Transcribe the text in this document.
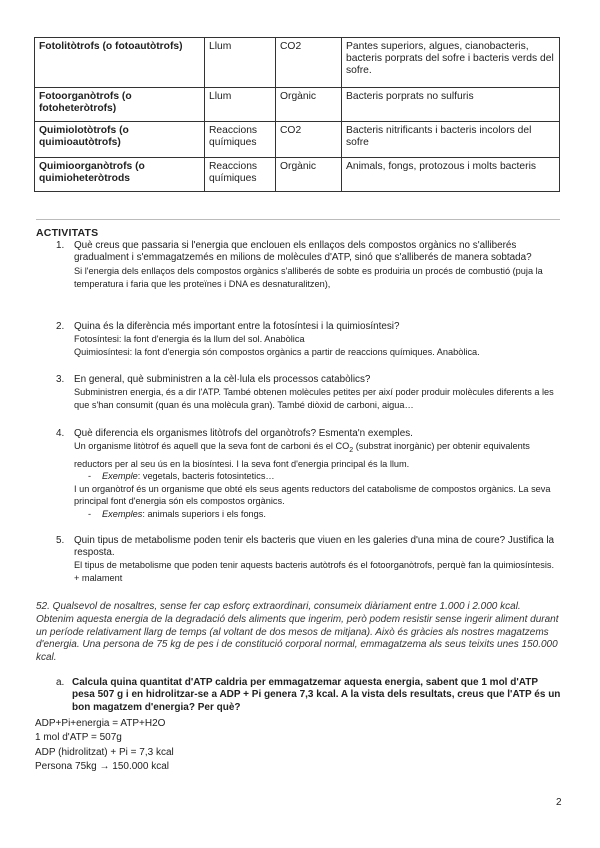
Fotolitòtrofs (o fotoautòtrofs)	Llum	CO2	Pantes superiors, algues, cianobacteris, bacteris porprats del sofre i bacteris verds del sofre.
Fotoorganòtrofs (o fotoheteròtrofs)	Llum	Orgànic	Bacteris porprats no sulfuris
Quimiolotòtrofs (o quimioautòtrofs)	Reaccions químiques	CO2	Bacteris nitrificants i bacteris incolors del sofre
Quimioorganòtrofs (o quimioheteròtrods	Reaccions químiques	Orgànic	Animals, fongs, protozous i molts bacteris
ACTIVITATS
1. Què creus que passaria si l'energia que enclouen els enllaços dels compostos orgànics no s'alliberés gradualment i s'emmagatzemés en milions de molècules d'ATP, sinó que s'alliberés de manera sobtada?
Si l'energia dels enllaços dels compostos orgànics s'alliberés de sobte es produiria un procés de combustió (puja la temperatura i faria que les proteïnes i DNA es desnaturalitzen),
2. Quina és la diferència més important entre la fotosíntesi i la quimiosíntesi?
Fotosíntesi: la font d'energia és la llum del sol. Anabòlica
Quimiosíntesi: la font d'energia són compostos orgànics a partir de reaccions químiques. Anabòlica.
3. En general, què subministren a la cèl·lula els processos catabòlics?
Subministren energia, és a dir l'ATP. També obtenen molècules petites per així poder produir molècules diferents a les que s'han consumit (quan és una molècula gran). També diòxid de carboni, aigua…
4. Què diferencia els organismes litòtrofs del organòtrofs? Esmenta'n exemples.
Un organisme litòtrof és aquell que la seva font de carboni és el $CO_2$ (substrat inorgànic) per obtenir equivalents reductors per al seu ús en la biosíntesi. I la seva font d'energia principal és la llum.
- Exemple: vegetals, bacteris fotosintetics…
I un organòtrof és un organisme que obté els seus agents reductors del catabolisme de compostos orgànics. La seva principal font d'energia són els compostos orgànics.
- Exemples: animals superiors i els fongs.
5. Quin tipus de metabolisme poden tenir els bacteris que viuen en les galeries d'una mina de coure? Justifica la resposta.
El tipus de metabolisme que poden tenir aquests bacteris autòtrofs és el fotoorganòtrofs, perquè fan la quimiosíntesis. + malament
52. Qualsevol de nosaltres, sense fer cap esforç extraordinari, consumeix diàriament entre 1.000 i 2.000 kcal. Obtenim aquesta energia de la degradació dels aliments que ingerim, però podem resistir sense ingerir aliment durant un període relativament llarg de temps (al voltant de dos mesos de mitjana). Això és gràcies als nostres magatzems d'energia. Una persona de 75 kg de pes i de constitució corporal normal, emmagatzema als seus teixits unes 150.000 kcal.
a. Calcula quina quantitat d'ATP caldria per emmagatzemar aquesta energia, sabent que 1 mol d'ATP pesa 507 g i en hidrolitzar-se a ADP + Pi genera 7,3 kcal. A la vista dels resultats, creus que l'ATP és un bon magatzem d'energia? Per què?
ADP+Pi+energia = ATP+H2O
1 mol d'ATP = 507g
ADP (hidrolitzat) + Pi = 7,3 kcal
Persona 75kg → 150.000 kcal
2
